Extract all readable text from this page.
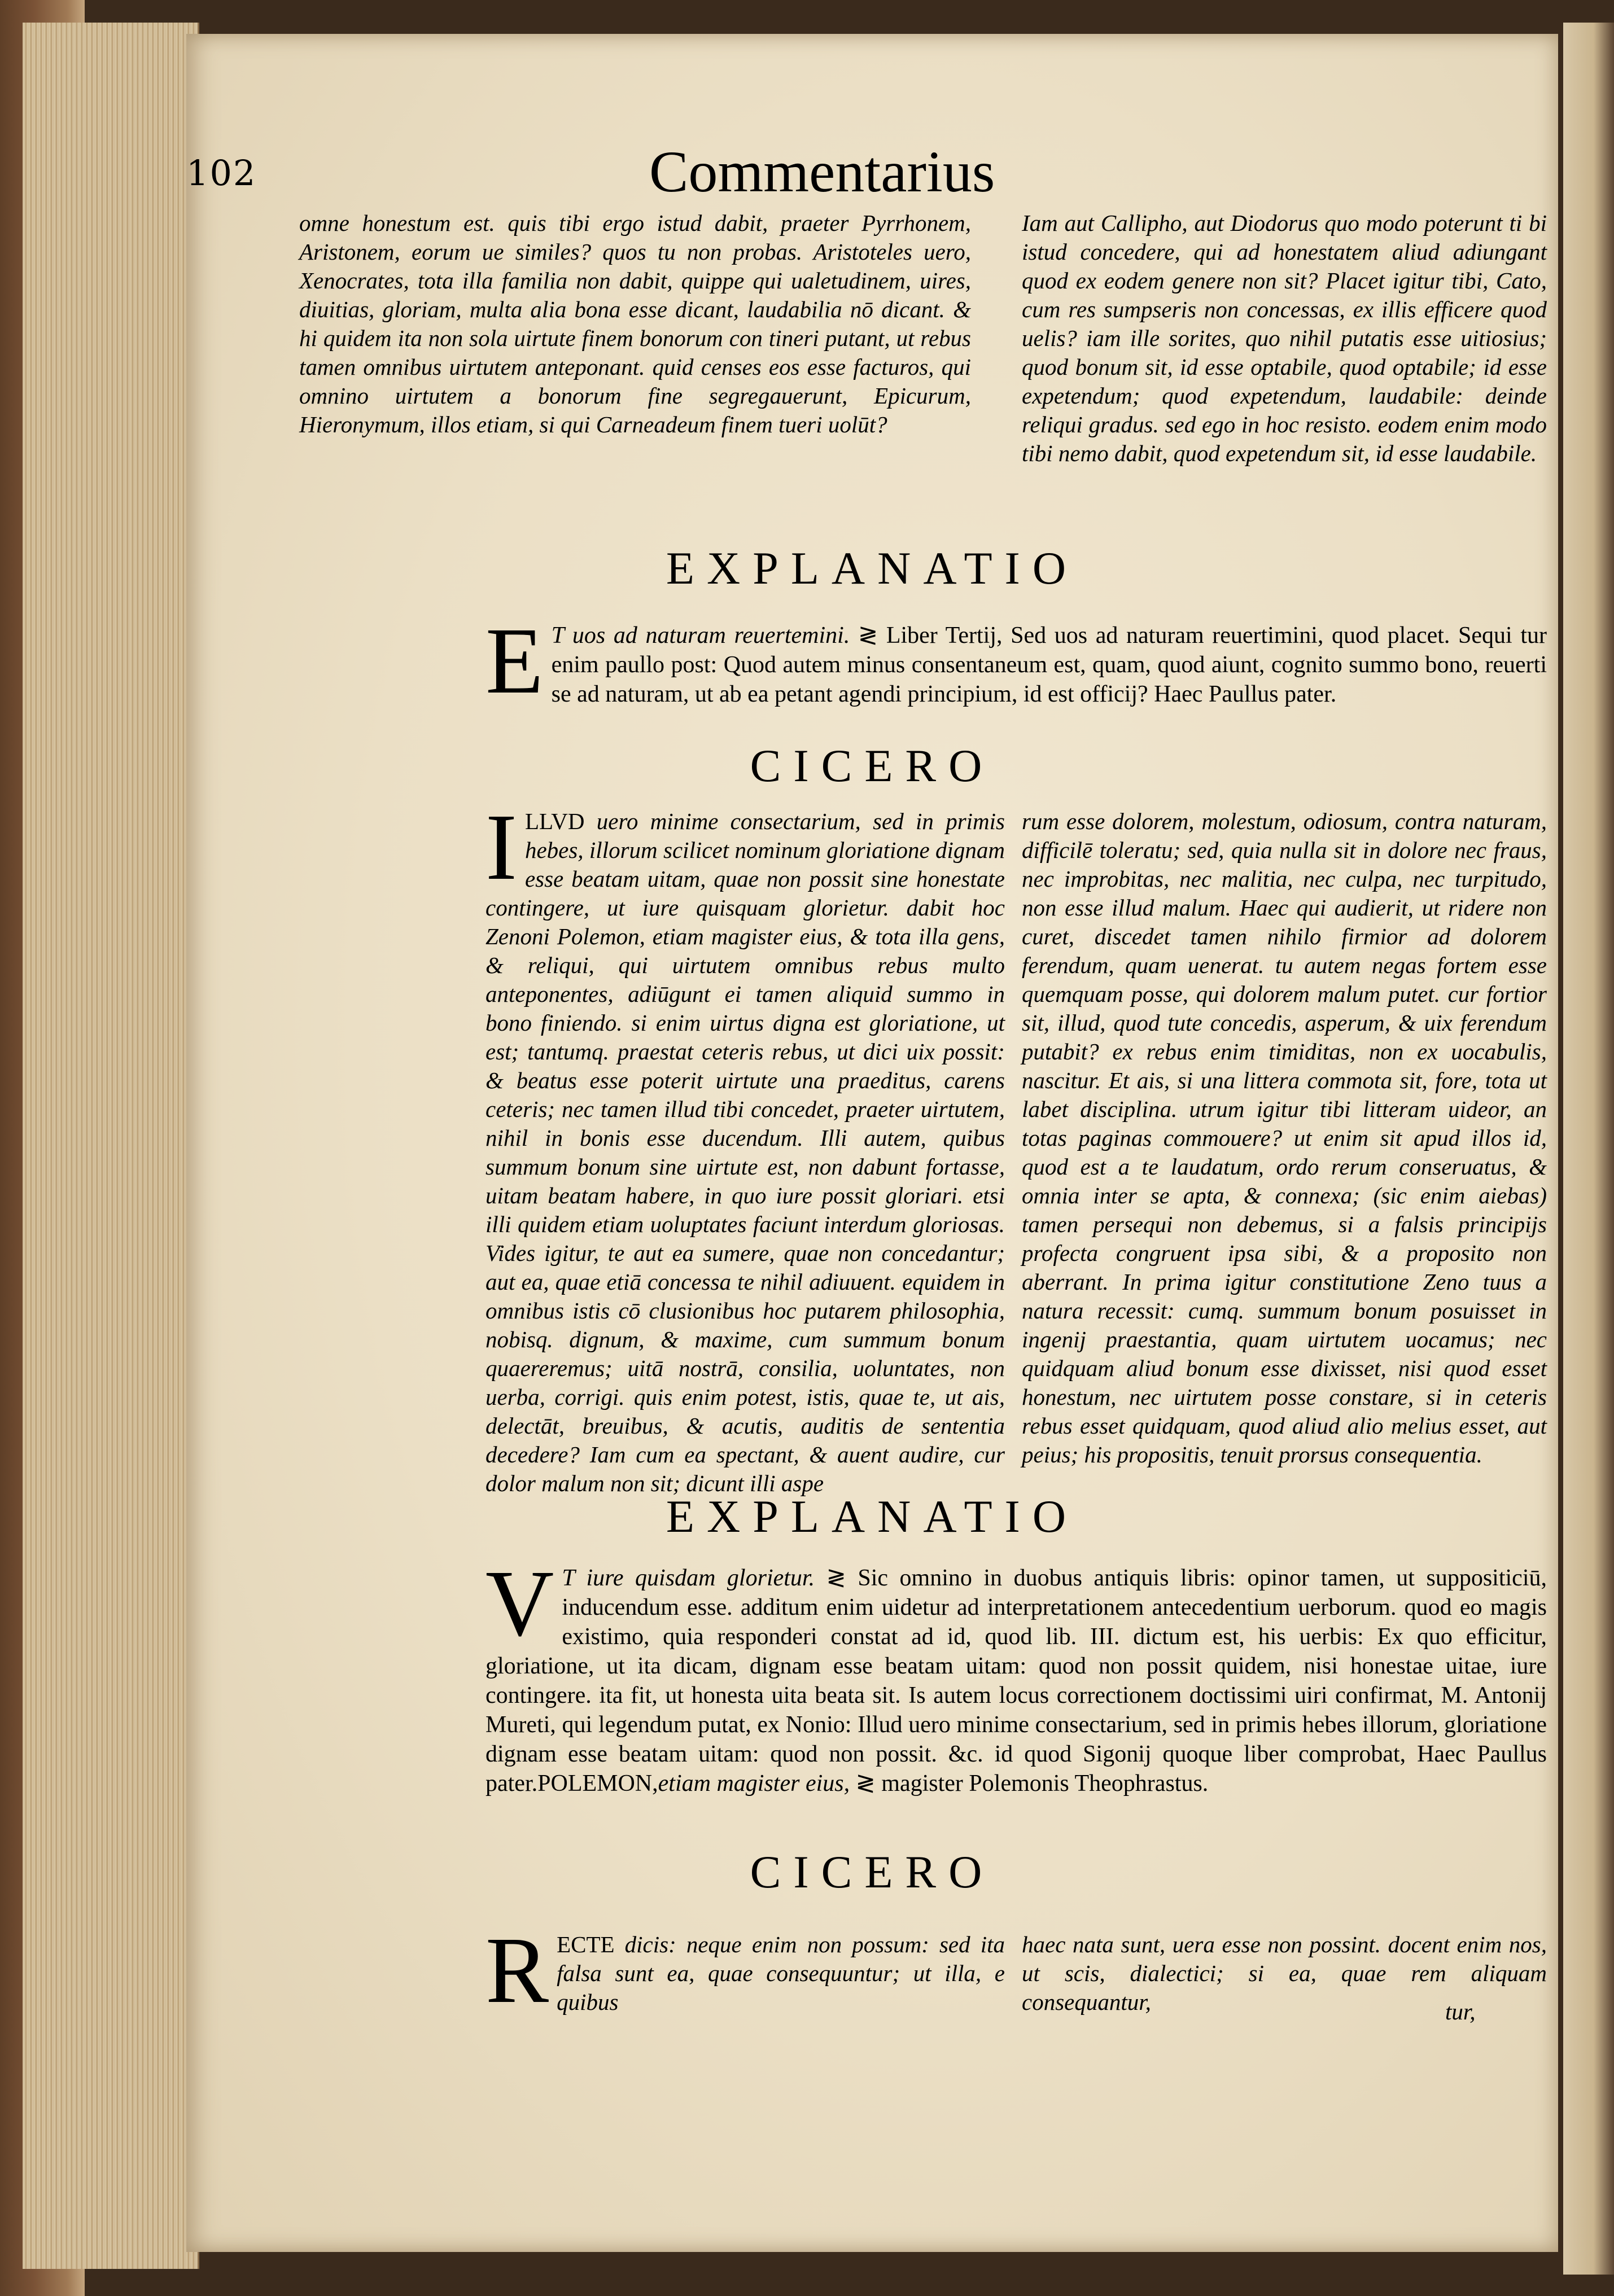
102	Commentarius

omne honestum est. quis tibi ergo istud dabit, praeter Pyrrhonem, Aristonem, eorum ue similes? quos tu non probas. Aristoteles uero, Xenocrates, tota illa familia non dabit, quippe qui ualetudinem, uires, diuitias, gloriam, multa alia bona esse dicant, laudabilia nō dicant. & hi quidem ita non sola uirtute finem bonorum con tineri putant, ut rebus tamen omnibus uirtutem anteponant. quid censes eos esse facturos, qui omnino uirtutem a bonorum fine segregauerunt, Epicurum, Hieronymum, illos etiam, si qui Carneadeum finem tueri uolūt?

Iam aut Callipho, aut Diodorus quo modo poterunt ti bi istud concedere, qui ad honestatem aliud adiungant quod ex eodem genere non sit? Placet igitur tibi, Cato, cum res sumpseris non concessas, ex illis efficere quod uelis? iam ille sorites, quo nihil putatis esse uitiosius; quod bonum sit, id esse optabile, quod optabile; id esse expetendum; quod expetendum, laudabile: deinde reliqui gradus. sed ego in hoc resisto. eodem enim modo tibi nemo dabit, quod expetendum sit, id esse laudabile.

EXPLANATIO
E T uos ad naturam reuertemini. ≷ Liber Tertij, Sed uos ad naturam reuertimini, quod placet. Sequi tur enim paullo post: Quod autem minus consentaneum est, quam, quod aiunt, cognito summo bono, reuerti se ad naturam, ut ab ea petant agendi principium, id est officij? Haec Paullus pater.
CICERO

ILLVD uero minime consectarium, sed in primis hebes, illorum scilicet nominum gloriatione dignam esse beatam uitam, quae non possit sine honestate contingere, ut iure quisquam glorietur. dabit hoc Zenoni Polemon, etiam magister eius, & tota illa gens, & reliqui, qui uirtutem omnibus rebus multo anteponentes, adiūgunt ei tamen aliquid summo in bono finiendo. si enim uirtus digna est gloriatione, ut est; tantumq. praestat ceteris rebus, ut dici uix possit: & beatus esse poterit uirtute una praeditus, carens ceteris; nec tamen illud tibi concedet, praeter uirtutem, nihil in bonis esse ducendum. Illi autem, quibus summum bonum sine uirtute est, non dabunt fortasse, uitam beatam habere, in quo iure possit gloriari. etsi illi quidem etiam uoluptates faciunt interdum gloriosas. Vides igitur, te aut ea sumere, quae non concedantur; aut ea, quae etiā concessa te nihil adiuuent. equidem in omnibus istis cō clusionibus hoc putarem philosophia, nobisq. dignum, & maxime, cum summum bonum quaereremus; uitā nostrā, consilia, uoluntates, non uerba, corrigi. quis enim potest, istis, quae te, ut ais, delectāt, breuibus, & acutis, auditis de sententia decedere? Iam cum ea spectant, & auent audire, cur dolor malum non sit; dicunt illi aspe

rum esse dolorem, molestum, odiosum, contra naturam, difficilē toleratu; sed, quia nulla sit in dolore nec fraus, nec improbitas, nec malitia, nec culpa, nec turpitudo, non esse illud malum. Haec qui audierit, ut ridere non curet, discedet tamen nihilo firmior ad dolorem ferendum, quam uenerat. tu autem negas fortem esse quemquam posse, qui dolorem malum putet. cur fortior sit, illud, quod tute concedis, asperum, & uix ferendum putabit? ex rebus enim timiditas, non ex uocabulis, nascitur. Et ais, si una littera commota sit, fore, tota ut labet disciplina. utrum igitur tibi litteram uideor, an totas paginas commouere? ut enim sit apud illos id, quod est a te laudatum, ordo rerum conseruatus, & omnia inter se apta, & connexa; (sic enim aiebas) tamen persequi non debemus, si a falsis principijs profecta congruent ipsa sibi, & a proposito non aberrant. In prima igitur constitutione Zeno tuus a natura recessit: cumq. summum bonum posuisset in ingenij praestantia, quam uirtutem uocamus; nec quidquam aliud bonum esse dixisset, nisi quod esset honestum, nec uirtutem posse constare, si in ceteris rebus esset quidquam, quod aliud alio melius esset, aut peius; his propositis, tenuit prorsus consequentia.

EXPLANATIO
V T iure quisdam glorietur. ≷ Sic omnino in duobus antiquis libris: opinor tamen, ut suppositiciū, inducendum esse. additum enim uidetur ad interpretationem antecedentium uerborum. quod eo magis existimo, quia responderi constat ad id, quod lib. III. dictum est, his uerbis: Ex quo efficitur, gloriatione, ut ita dicam, dignam esse beatam uitam: quod non possit quidem, nisi honestae uitae, iure contingere. ita fit, ut honesta uita beata sit. Is autem locus correctionem doctissimi uiri confirmat, M. Antonij Mureti, qui legendum putat, ex Nonio: Illud uero minime consectarium, sed in primis hebes illorum, gloriatione dignam esse beatam uitam: quod non possit. &c. id quod Sigonij quoque liber comprobat, Haec Paullus pater.POLEMON,etiam magister eius, ≷ magister Polemonis Theophrastus.
CICERO

RECTE dicis: neque enim non possum: sed ita falsa sunt ea, quae consequuntur; ut illa, e quibus

haec nata sunt, uera esse non possint. docent enim nos, ut scis, dialectici; si ea, quae rem aliquam consequantur,	tur,
